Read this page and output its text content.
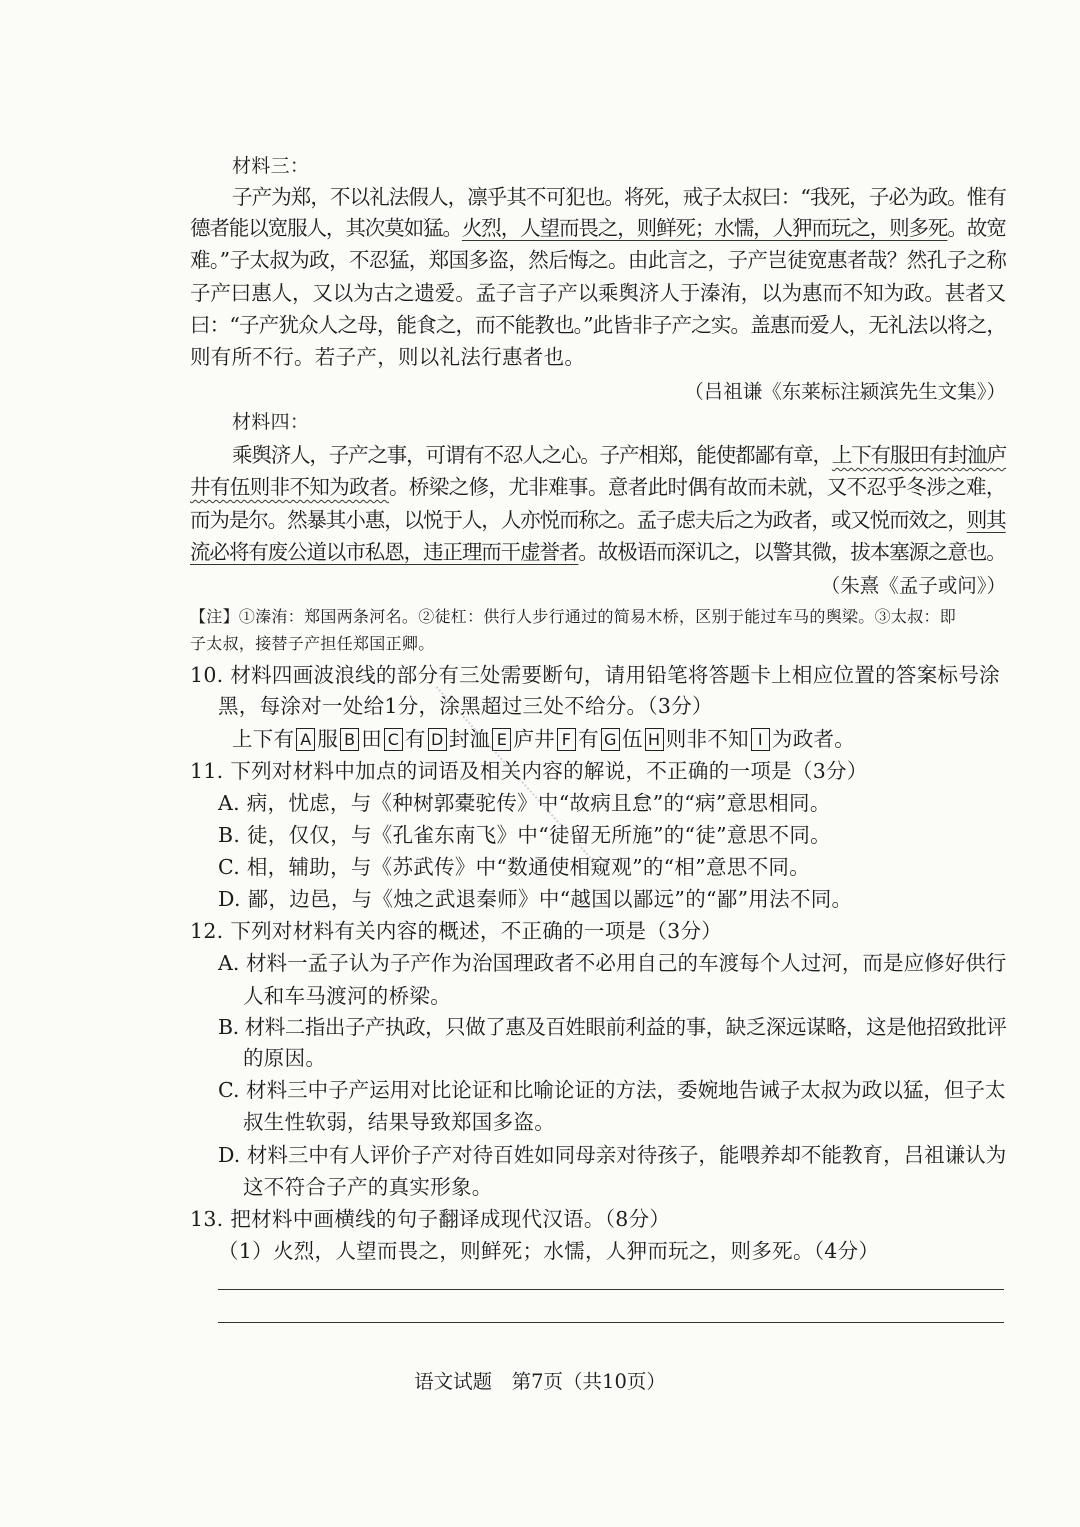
材料三：
子产为郑，不以礼法假人，凛乎其不可犯也。将死，戒子太叔曰：“我死，子必为政。惟有
德者能以宽服人，其次莫如猛。火烈，人望而畏之，则鲜死；水懦，人狎而玩之，则多死。故宽
难。”子太叔为政，不忍猛，郑国多盗，然后悔之。由此言之，子产岂徒宽惠者哉？然孔子之称
子产曰惠人，又以为古之遗爱。孟子言子产以乘舆济人于溱洧，以为惠而不知为政。甚者又
曰：“子产犹众人之母，能食之，而不能教也。”此皆非子产之实。盖惠而爱人，无礼法以将之，
则有所不行。若子产，则以礼法行惠者也。
（吕祖谦《东莱标注颍滨先生文集》）
材料四：
乘舆济人，子产之事，可谓有不忍人之心。子产相郑，能使都鄙有章，上下有服田有封洫庐
井有伍则非不知为政者。桥梁之修，尤非难事。意者此时偶有故而未就，又不忍乎冬涉之难，
而为是尔。然暴其小惠，以悦于人，人亦悦而称之。孟子虑夫后之为政者，或又悦而效之，则其
流必将有废公道以市私恩，违正理而干虚誉者。故极语而深讥之，以警其微，拔本塞源之意也。
（朱熹《孟子或问》）
【注】①溱洧：郑国两条河名。②徒杠：供行人步行通过的简易木桥，区别于能过车马的舆梁。③太叔：即
子太叔，接替子产担任郑国正卿。
10. 材料四画波浪线的部分有三处需要断句，请用铅笔将答题卡上相应位置的答案标号涂
黑，每涂对一处给1分，涂黑超过三处不给分。（3分）
上下有 A 服 B 田 C 有 D 封洫 E 庐井 F 有 G 伍 H 则非不知 I 为政者。
11. 下列对材料中加点的词语及相关内容的解说，不正确的一项是（3分）
A. 病，忧虑，与《种树郭橐驼传》中“故病且怠”的“病”意思相同。
B. 徒，仅仅，与《孔雀东南飞》中“徒留无所施”的“徒”意思不同。
C. 相，辅助，与《苏武传》中“数通使相窥观”的“相”意思不同。
D. 鄙，边邑，与《烛之武退秦师》中“越国以鄙远”的“鄙”用法不同。
12. 下列对材料有关内容的概述，不正确的一项是（3分）
A. 材料一孟子认为子产作为治国理政者不必用自己的车渡每个人过河，而是应修好供行
人和车马渡河的桥梁。
B. 材料二指出子产执政，只做了惠及百姓眼前利益的事，缺乏深远谋略，这是他招致批评
的原因。
C. 材料三中子产运用对比论证和比喻论证的方法，委婉地告诫子太叔为政以猛，但子太
叔生性软弱，结果导致郑国多盗。
D. 材料三中有人评价子产对待百姓如同母亲对待孩子，能喂养却不能教育，吕祖谦认为
这不符合子产的真实形象。
13. 把材料中画横线的句子翻译成现代汉语。（8分）
（1）火烈，人望而畏之，则鲜死；水懦，人狎而玩之，则多死。（4分）
语文试题　第7页（共10页）
